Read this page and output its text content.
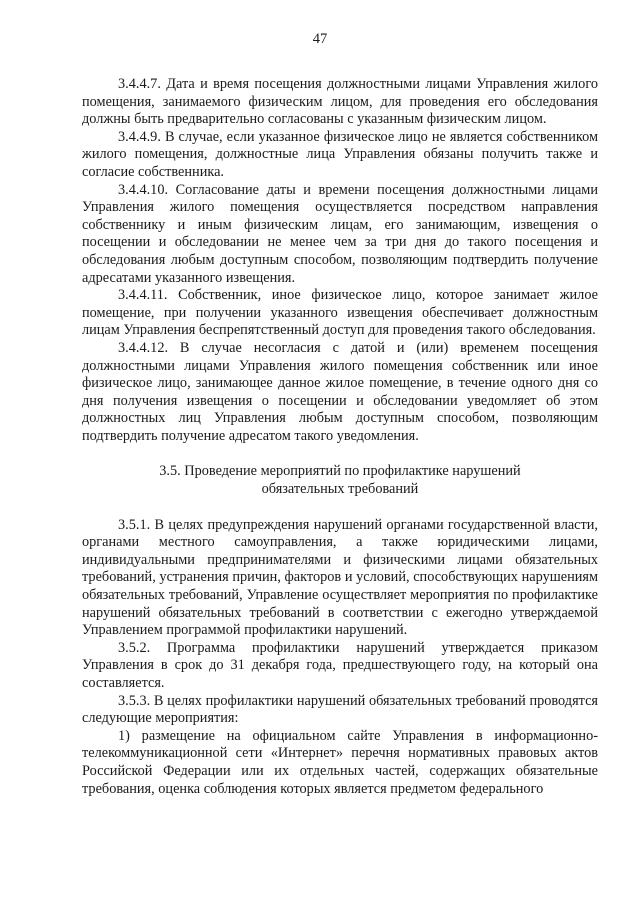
47

3.4.4.7. Дата и время посещения должностными лицами Управления жилого помещения, занимаемого физическим лицом, для проведения его обследования должны быть предварительно согласованы с указанным физическим лицом.

3.4.4.9. В случае, если указанное физическое лицо не является собственником жилого помещения, должностные лица Управления обязаны получить также и согласие собственника.

3.4.4.10. Согласование даты и времени посещения должностными лицами Управления жилого помещения осуществляется посредством направления собственнику и иным физическим лицам, его занимающим, извещения о посещении и обследовании не менее чем за три дня до такого посещения и обследования любым доступным способом, позволяющим подтвердить получение адресатами указанного извещения.

3.4.4.11. Собственник, иное физическое лицо, которое занимает жилое помещение, при получении указанного извещения обеспечивает должностным лицам Управления беспрепятственный доступ для проведения такого обследования.

3.4.4.12. В случае несогласия с датой и (или) временем посещения должностными лицами Управления жилого помещения собственник или иное физическое лицо, занимающее данное жилое помещение, в течение одного дня со дня получения извещения о посещении и обследовании уведомляет об этом должностных лиц Управления любым доступным способом, позволяющим подтвердить получение адресатом такого уведомления.

3.5. Проведение мероприятий по профилактике нарушений
обязательных требований

3.5.1. В целях предупреждения нарушений органами государственной власти, органами местного самоуправления, а также юридическими лицами, индивидуальными предпринимателями и физическими лицами обязательных требований, устранения причин, факторов и условий, способствующих нарушениям обязательных требований, Управление осуществляет мероприятия по профилактике нарушений обязательных требований в соответствии с ежегодно утверждаемой Управлением программой профилактики нарушений.

3.5.2. Программа профилактики нарушений утверждается приказом Управления в срок до 31 декабря года, предшествующего году, на который она составляется.

3.5.3. В целях профилактики нарушений обязательных требований проводятся следующие мероприятия:

1) размещение на официальном сайте Управления в информационно-телекоммуникационной сети «Интернет» перечня нормативных правовых актов Российской Федерации или их отдельных частей, содержащих обязательные требования, оценка соблюдения которых является предметом федерального
